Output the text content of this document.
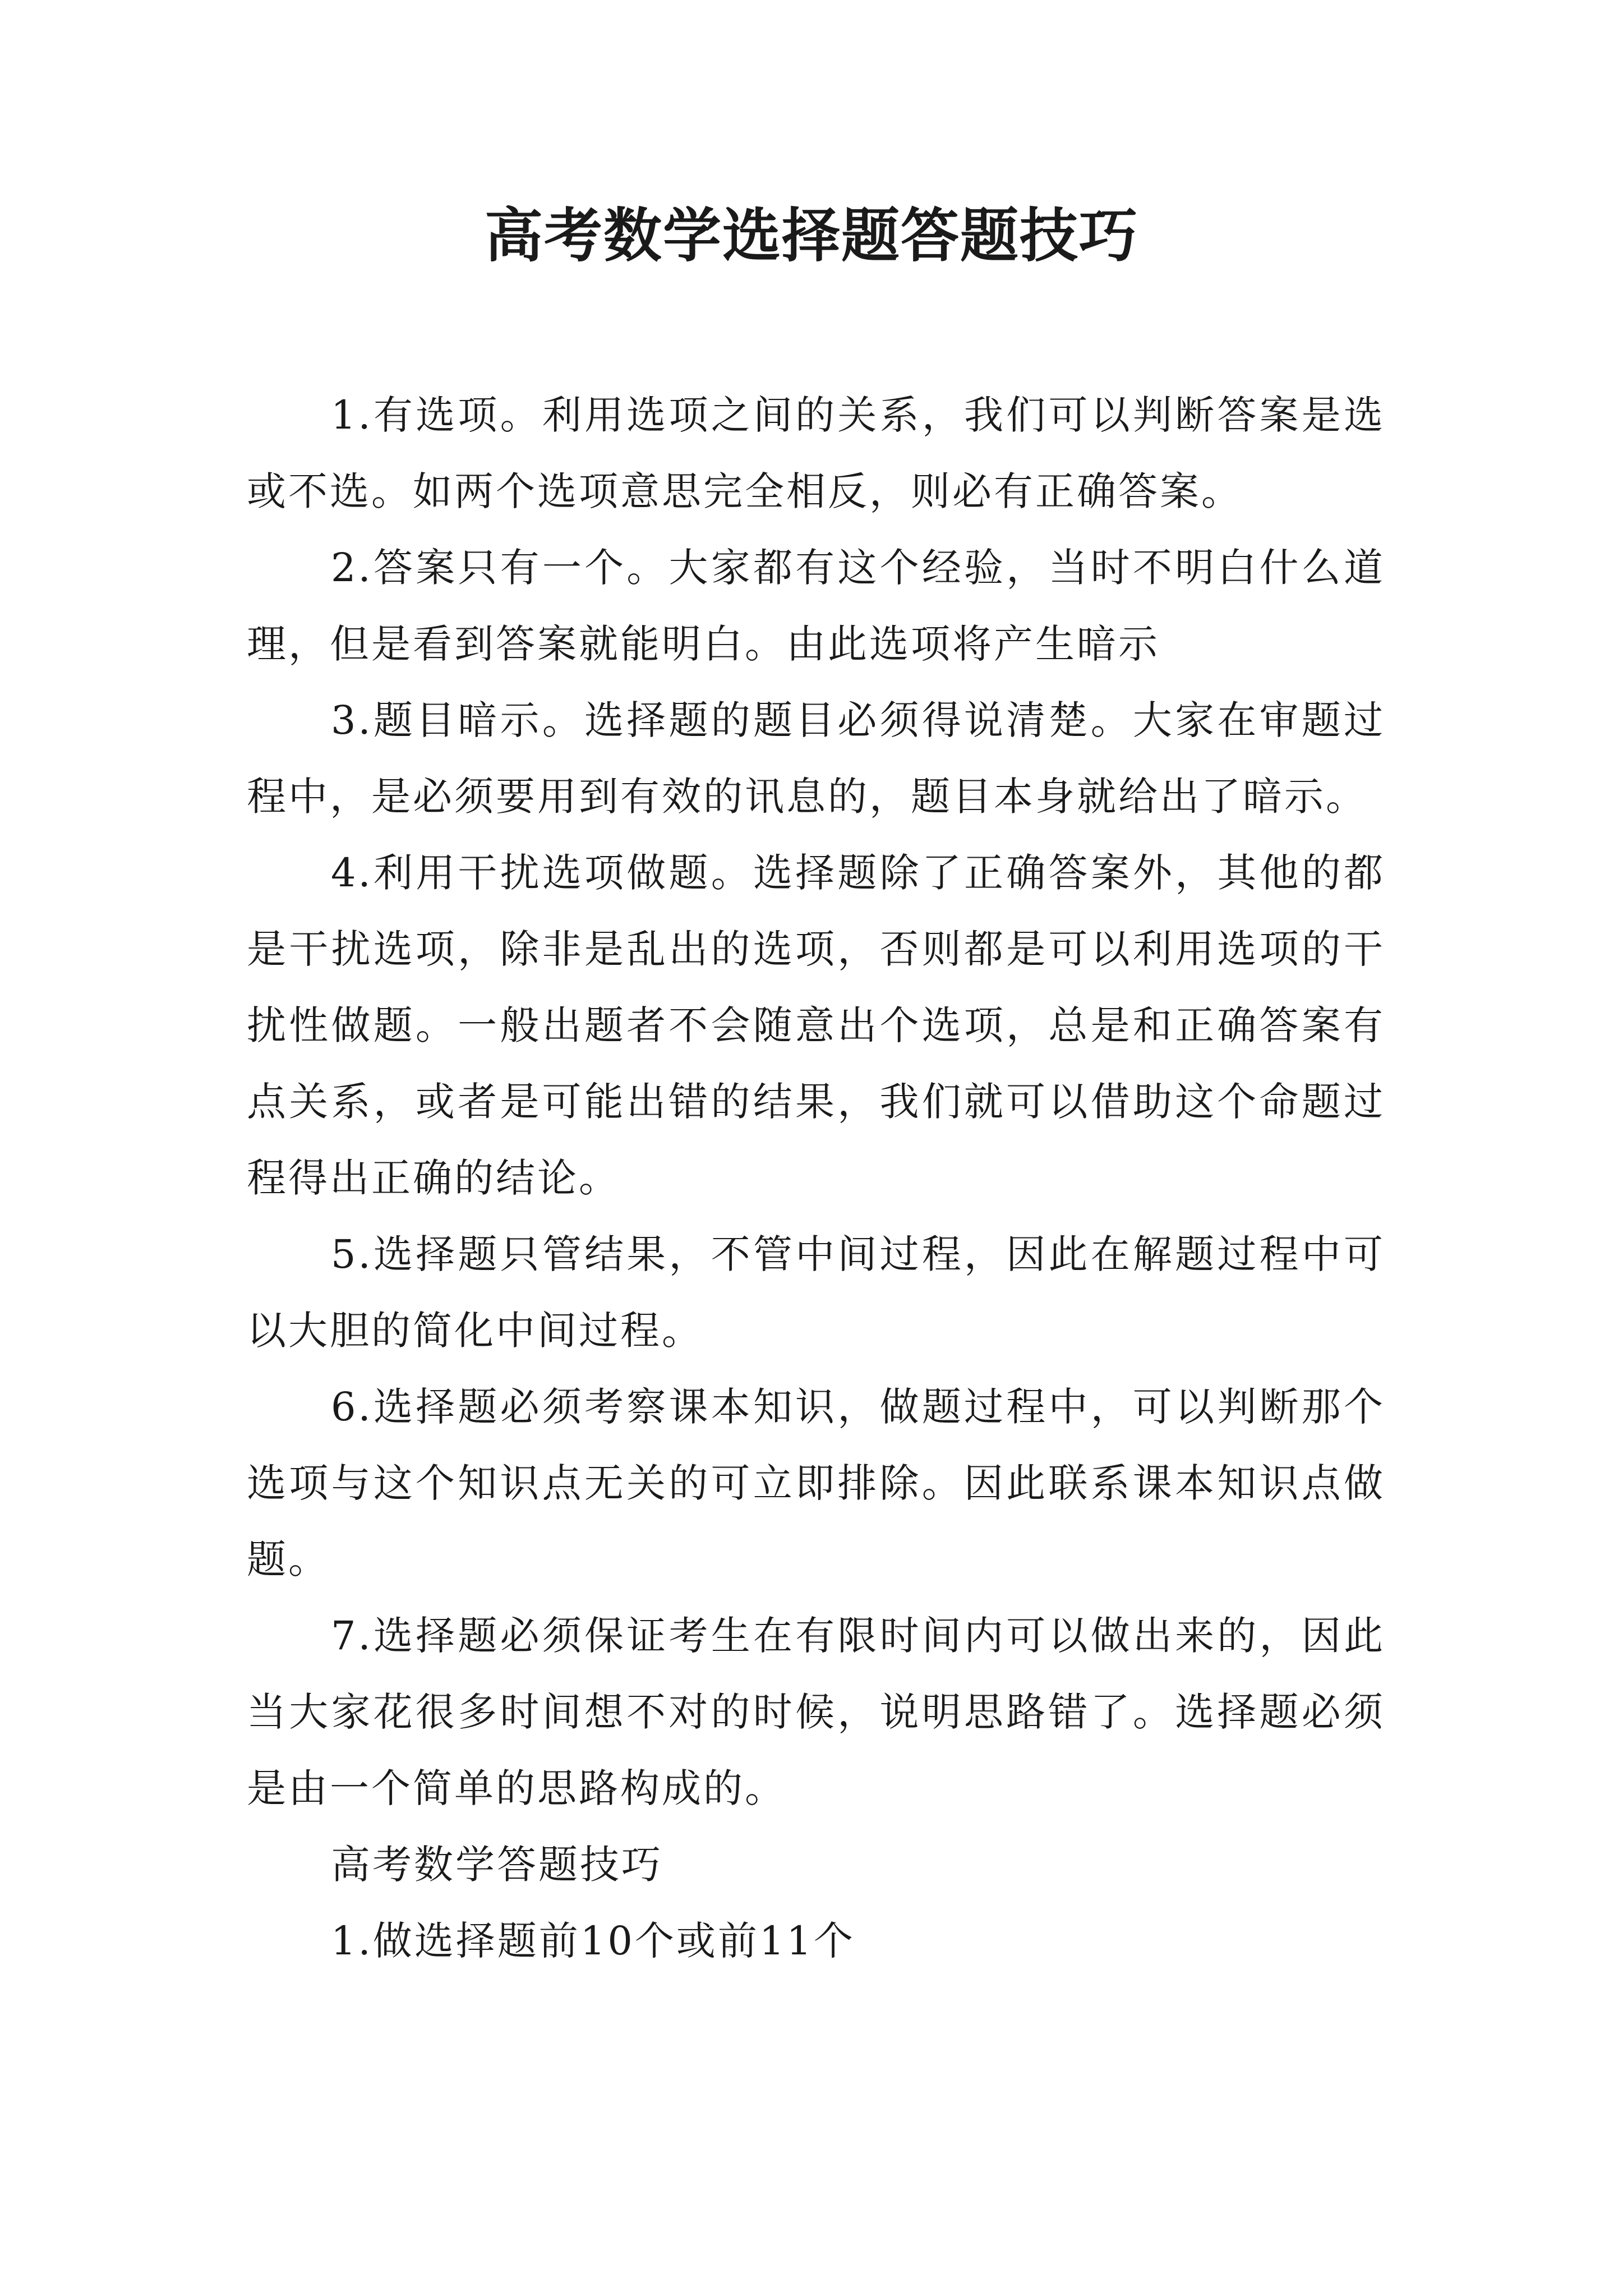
高考数学选择题答题技巧

1.有选项。利用选项之间的关系，我们可以判断答案是选或不选。如两个选项意思完全相反，则必有正确答案。

2.答案只有一个。大家都有这个经验，当时不明白什么道理，但是看到答案就能明白。由此选项将产生暗示

3.题目暗示。选择题的题目必须得说清楚。大家在审题过程中，是必须要用到有效的讯息的，题目本身就给出了暗示。

4.利用干扰选项做题。选择题除了正确答案外，其他的都是干扰选项，除非是乱出的选项，否则都是可以利用选项的干扰性做题。一般出题者不会随意出个选项，总是和正确答案有点关系，或者是可能出错的结果，我们就可以借助这个命题过程得出正确的结论。

5.选择题只管结果，不管中间过程，因此在解题过程中可以大胆的简化中间过程。

6.选择题必须考察课本知识，做题过程中，可以判断那个选项与这个知识点无关的可立即排除。因此联系课本知识点做题。

7.选择题必须保证考生在有限时间内可以做出来的，因此当大家花很多时间想不对的时候，说明思路错了。选择题必须是由一个简单的思路构成的。

高考数学答题技巧

1.做选择题前10个或前11个
